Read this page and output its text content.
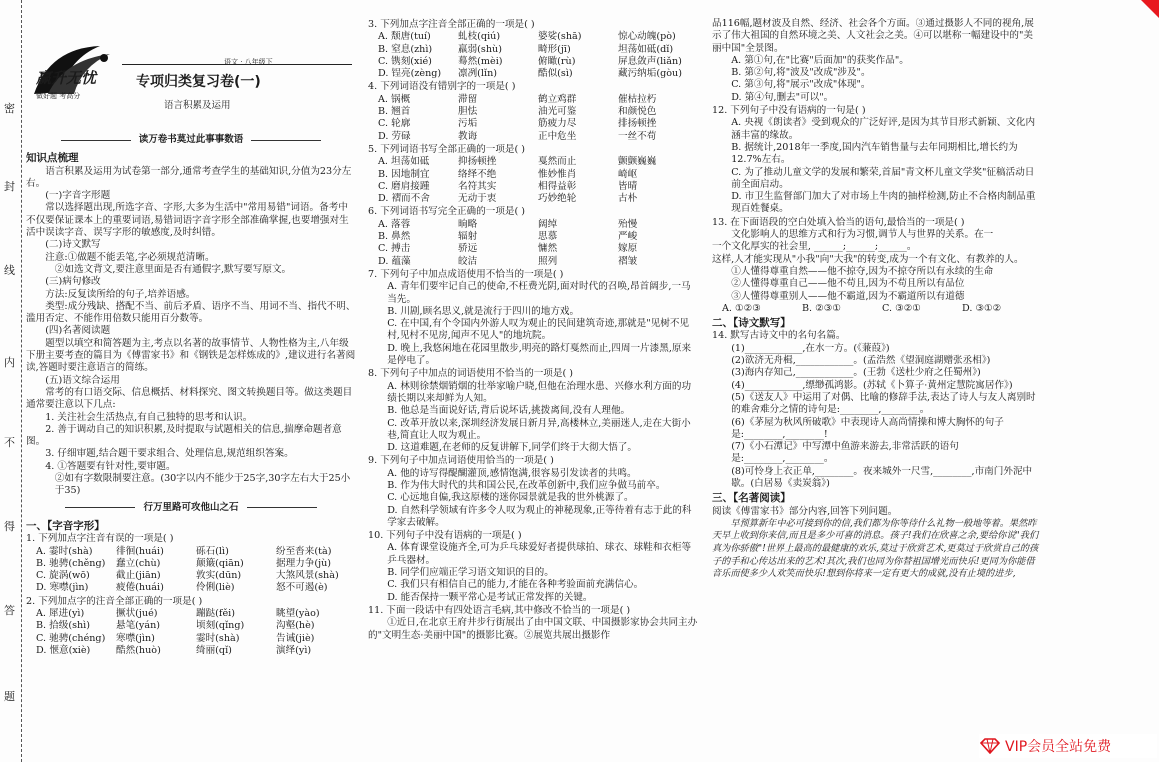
密
封
线
内
不
得
答
题
赢升无忧
做好题 考高分
语文 · 八年级下
专项归类复习卷(一)
语言积累及运用
读万卷书莫过此事事数语
知识点梳理

语言积累及运用为试卷第一部分,通常考查学生的基础知识,分值为23分左右。

(一)字音字形题

常以选择题出现,所选字音、字形,大多为生活中"常用易错"词语。备考中不仅要保证课本上的重要词语,易错词语字音字形全部准确掌握,也要增强对生活中误读字音、误写字形的敏感度,及时纠错。

(二)诗文默写

注意:①做题不能丢笔,字必须规范清晰。

②如选文背文,要注意里面是否有通假字,默写要写原文。

(三)病句修改

方法:反复读所给的句子,培养语感。

类型:成分残缺、搭配不当、前后矛盾、语序不当、用词不当、指代不明、滥用否定、不能作用倍数只能用百分数等。

(四)名著阅读题

题型以填空和简答题为主,考点以名著的故事情节、人物性格为主,八年级下册主要考查的篇目为《傅雷家书》和《钢铁是怎样炼成的》,建议进行名著阅读,答题时要注意语言的简练。

(五)语文综合运用

常考的有口语交际、信息概括、材料探究、图文转换题目等。做这类题目通常要注意以下几点:

1. 关注社会生活热点,有自己独特的思考和认识。

2. 善于调动自己的知识积累,及时提取与试题相关的信息,揣摩命题者意图。

3. 仔细审题,结合题干要求组合、处理信息,规范组织答案。

4. ①答题要有针对性,要审题。

②如有字数限制要注意。(30字以内不能少于25字,30字左右大于25小于35)

行万里路可攻他山之石
一、【字音字形】

1. 下列加点字注音有误的一项是( )

A. 霎时(shà)	徘徊(huái)	砾石(lì)	纷至沓来(tà)
B. 驰骋(chěng)	蠢立(chù)	颠簸(qiān)	据理力争(jù)
C. 旋涡(wō)	截止(jiān)	敦实(dūn)	大煞风景(shà)
D. 寒噤(jìn)	疲倦(huái)	伶俐(liè)	怒不可遏(è)

2. 下列加点字的注音全部正确的一项是( )

A. 犀进(yì)	撅状(jué)	蹦跶(fěi)	眺望(yào)
B. 拾级(shì)	悬笔(yán)	顷刻(qǐng)	沟壑(hè)
C. 驰骋(chéng)	寒噤(jìn)	霎时(shà)	告诫(jiè)
D. 惬意(xiè)	酷然(huò)	绮丽(qǐ)	演绎(yì)

3. 下列加点字注音全部正确的一项是( )

A. 颓唐(tuí)	虬枝(qiú)	婆娑(shā)	惊心动魄(pò)
B. 窒息(zhì)	羸弱(shù)	畸形(jī)	坦荡如砥(dǐ)
C. 镌刻(xié)	蓦然(mèi)	俯瞰(rù)	屏息敛声(liǎn)
D. 锃亮(zèng)	凛冽(lǐn)	酷似(sì)	藏污纳垢(gòu)

4. 下列词语没有错别字的一项是( )

A. 锅概	滞留	鹤立鸡群	催枯拉朽
B. 翘首	胆怯	油光可鉴	和颜悦色
C. 轮廓	污垢	筋疲力尽	排扬顿挫
D. 劳碌	教诲	正中危坐	一丝不苟

5. 下列词语书写全部正确的一项是( )

A. 坦荡如砥	抑扬顿挫	戛然而止	颤颤巍巍
B. 因地制宜	络绎不绝	惟妙惟肖	崎岖
C. 磨肩接踵	名符其实	相得益彰	皆晴
D. 褶而不舍	无动于衷	巧妙绝轮	古朴

6. 下列词语书写完全正确的一项是( )

A. 落蓉	晌略	阔绰	殆慢
B. 鼻然	辐射	思慕	严峻
C. 搏击	骄远	慵然	嫁原
D. 蕴藻	皎洁	照列	褶皱

7. 下列句子中加点成语使用不恰当的一项是( )

A. 青年们要牢记自己的使命,不枉费光阴,面对时代的召唤,昂首阔步,一马当先。

B. 川剧,顾名思义,就是流行于四川的地方戏。

C. 在中国,有个令国内外游人叹为观止的民间建筑奇迹,那就是"见树不见村,见村不见房,闻声不见人"的地坑院。

D. 晚上,我悠闲地在花园里散步,明亮的路灯戛然而止,四周一片漆黑,原来是停电了。

8. 下列句子中加点的词语使用不恰当的一项是( )

A. 林则徐禁烟销烟的壮举家喻户晓,但他在治理水患、兴修水利方面的功绩长期以来却鲜为人知。

B. 他总是当面说好话,背后说坏话,挑拨离间,没有人理他。

C. 改革开放以来,深圳经济发展日新月异,高楼林立,美丽迷人,走在大街小巷,简直让人叹为观止。

D. 这道难题,在老师的反复讲解下,同学们终于大彻大悟了。

9. 下列句子中加点词语使用恰当的一项是( )

A. 他的诗写得醍醐灌顶,感情饱满,很容易引发读者的共鸣。

B. 作为伟大时代的共和国公民,在改革创新中,我们应争做马前卒。

C. 心远地自偏,我这原楼的迷你园景就是我的世外桃源了。

D. 自然科学领域有许多令人叹为观止的神秘现象,正等待着有志于此的科学家去破解。

10. 下列句子中没有语病的一项是( )

A. 体育课堂设施齐全,可为乒乓球爱好者提供球拍、球衣、球鞋和衣柜等乒乓器材。

B. 同学们应端正学习语文知识的目的。

C. 我们只有相信自己的能力,才能在各种考验面前充满信心。

D. 能否保持一颗平常心是考试正常发挥的关键。

11. 下面一段话中有四处语言毛病,其中修改不恰当的一项是( )

①近日,在北京王府井步行街展出了由中国文联、中国摄影家协会共同主办的"文明生态·美丽中国"的摄影比赛。②展览共展出摄影作

品116幅,题材波及自然、经济、社会各个方面。③通过摄影人不同的视角,展示了伟大祖国的自然环境之美、人文社会之美。④可以堪称一幅建设中的"美丽中国"全景图。

A. 第①句,在"比赛"后面加"的获奖作品"。

B. 第②句,将"波及"改成"涉及"。

C. 第③句,将"展示"改成"体现"。

D. 第④句,删去"可以"。

12. 下列句子中没有语病的一句是( )

A. 央视《朗读者》受到观众的广泛好评,是因为其节目形式新颖、文化内涵丰富的缘故。

B. 据统计,2018年一季度,国内汽车销售量与去年同期相比,增长约为12.7%左右。

C. 为了推动儿童文学的发展和繁荣,首届"青文杯儿童文学奖"征稿活动日前全面启动。

D. 市卫生监督部门加大了对市场上牛肉的抽样检测,防止不合格肉制品重现百姓餐桌。

13. 在下面语段的空白处填入恰当的语句,最恰当的一项是( )

文化影响人的思维方式和行为习惯,调节人与世界的关系。在一

一个文化厚实的社会里, ______;______;______。

这样,人才能实现从"小我"向"大我"的转变,成为一个有文化、有教养的人。

①人懂得尊重自然——他不掠夺,因为不掠夺所以有永续的生命

②人懂得尊重自己——他不苟且,因为不苟且所以有品位

③人懂得尊重别人——他不霸道,因为不霸道所以有道德

A. ①②③	B. ②③①	C. ③②①	D. ③①②
二、【诗文默写】

14. 默写古诗文中的名句名篇。

(1)____________,在水一方。(《蒹葭》)

(2)欲济无舟楫,____________。(孟浩然《望洞庭湖赠张丞相》)

(3)海内存知己,____________。(王勃《送杜少府之任蜀州》)

(4)____________,缥缈孤鸿影。(苏轼《卜算子·黄州定慧院寓居作》)

(5)《送友人》中运用了对偶、比喻的修辞手法,表达了诗人与友人离别时的难舍难分之情的诗句是:________,________。

(6)《茅屋为秋风所破歌》中表现诗人高尚情操和博大胸怀的句子是:________,________!

(7)《小石潭记》中写潭中鱼游来游去,非常活跃的语句是:________,________。

(8)可怜身上衣正单,________。夜来城外一尺雪,________,市南门外泥中歇。(白居易《卖炭翁》)

三、【名著阅读】

阅读《傅雷家书》部分内容,回答下列问题。

早预算新年中必可接到你的信,我们都为你等待什么礼物一般地等着。果然昨天早上收到你来信,而且是多少可喜的消息。孩子!我们在欣喜之余,要给你说"我们真为你骄傲"!世界上最高的最健康的欢乐,莫过于欣赏艺术,更莫过于欣赏自己的孩子的手和心传达出来的艺术!其次,我们也同为你替祖国增光而快乐!更同为你能借音乐而使多少人欢笑而快乐!想到你将来一定有更大的成就,没有止境的进步,

VIP会员全站免费
